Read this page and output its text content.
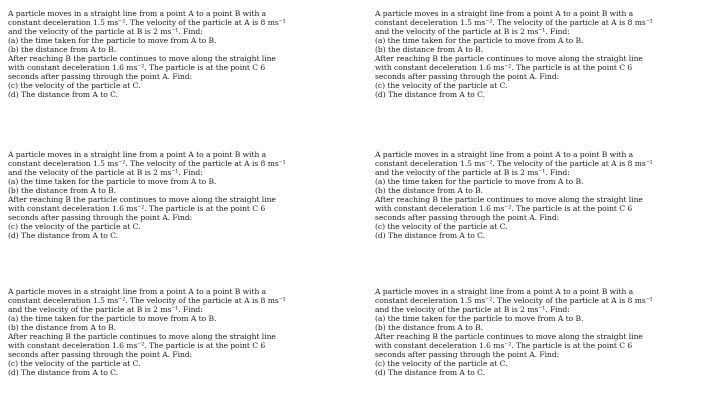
A particle moves in a straight line from a point A to a point B with a

constant deceleration 1.5 ms⁻². The velocity of the particle at A is 8 ms⁻¹

and the velocity of the particle at B is 2 ms⁻¹. Find:

(a) the time taken for the particle to move from A to B.

(b) the distance from A to B.

After reaching B the particle continues to move along the straight line

with constant deceleration 1.6 ms⁻². The particle is at the point C 6

seconds after passing through the point A. Find:

(c) the velocity of the particle at C.

(d) The distance from A to C.

A particle moves in a straight line from a point A to a point B with a

constant deceleration 1.5 ms⁻². The velocity of the particle at A is 8 ms⁻¹

and the velocity of the particle at B is 2 ms⁻¹. Find:

(a) the time taken for the particle to move from A to B.

(b) the distance from A to B.

After reaching B the particle continues to move along the straight line

with constant deceleration 1.6 ms⁻². The particle is at the point C 6

seconds after passing through the point A. Find:

(c) the velocity of the particle at C.

(d) The distance from A to C.

A particle moves in a straight line from a point A to a point B with a

constant deceleration 1.5 ms⁻². The velocity of the particle at A is 8 ms⁻¹

and the velocity of the particle at B is 2 ms⁻¹. Find:

(a) the time taken for the particle to move from A to B.

(b) the distance from A to B.

After reaching B the particle continues to move along the straight line

with constant deceleration 1.6 ms⁻². The particle is at the point C 6

seconds after passing through the point A. Find:

(c) the velocity of the particle at C.

(d) The distance from A to C.

A particle moves in a straight line from a point A to a point B with a

constant deceleration 1.5 ms⁻². The velocity of the particle at A is 8 ms⁻¹

and the velocity of the particle at B is 2 ms⁻¹. Find:

(a) the time taken for the particle to move from A to B.

(b) the distance from A to B.

After reaching B the particle continues to move along the straight line

with constant deceleration 1.6 ms⁻². The particle is at the point C 6

seconds after passing through the point A. Find:

(c) the velocity of the particle at C.

(d) The distance from A to C.

A particle moves in a straight line from a point A to a point B with a

constant deceleration 1.5 ms⁻². The velocity of the particle at A is 8 ms⁻¹

and the velocity of the particle at B is 2 ms⁻¹. Find:

(a) the time taken for the particle to move from A to B.

(b) the distance from A to B.

After reaching B the particle continues to move along the straight line

with constant deceleration 1.6 ms⁻². The particle is at the point C 6

seconds after passing through the point A. Find:

(c) the velocity of the particle at C.

(d) The distance from A to C.

A particle moves in a straight line from a point A to a point B with a

constant deceleration 1.5 ms⁻². The velocity of the particle at A is 8 ms⁻¹

and the velocity of the particle at B is 2 ms⁻¹. Find:

(a) the time taken for the particle to move from A to B.

(b) the distance from A to B.

After reaching B the particle continues to move along the straight line

with constant deceleration 1.6 ms⁻². The particle is at the point C 6

seconds after passing through the point A. Find:

(c) the velocity of the particle at C.

(d) The distance from A to C.
